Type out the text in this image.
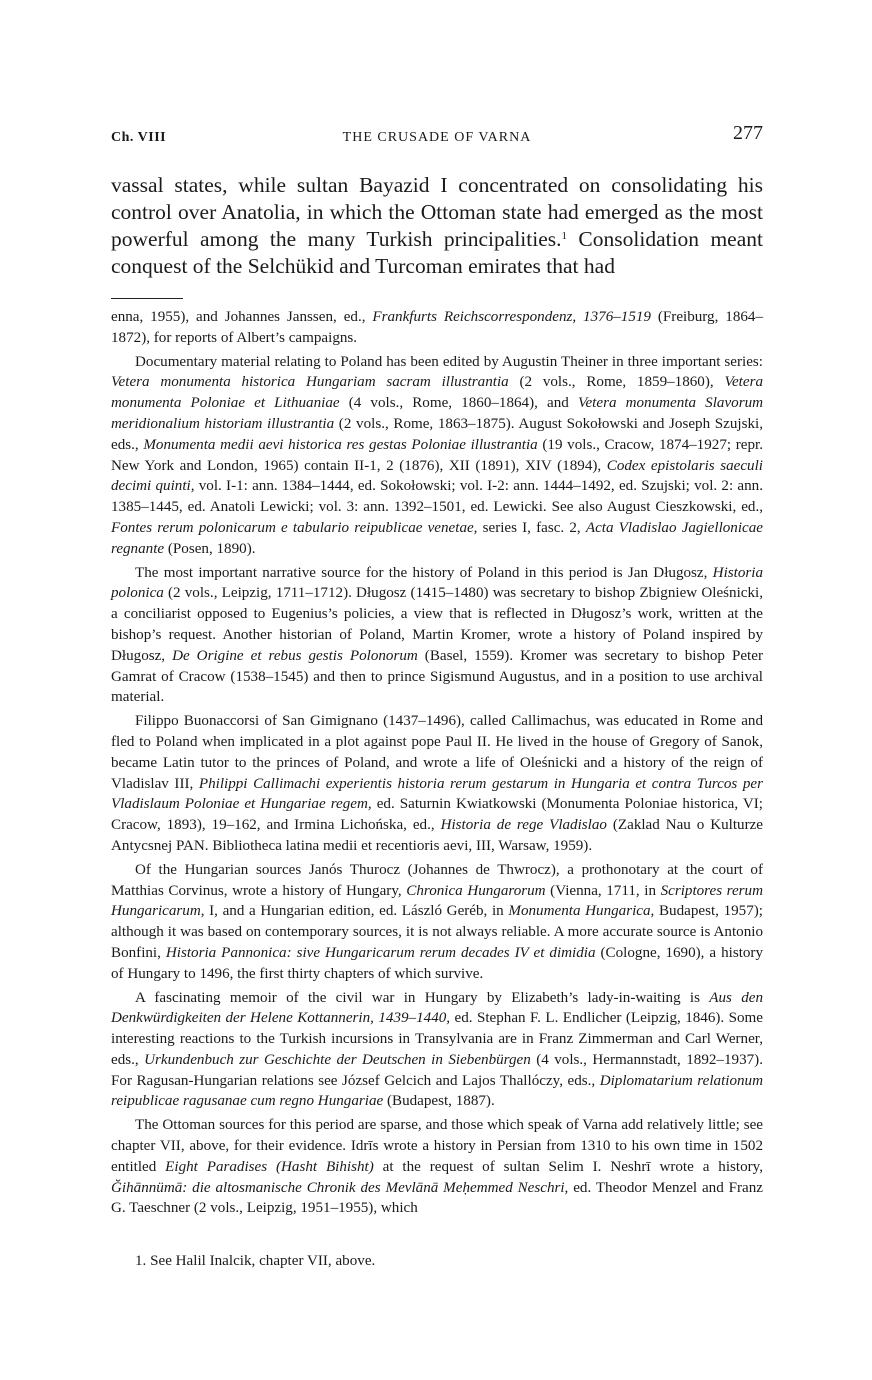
Ch. VIII	THE CRUSADE OF VARNA	277

vassal states, while sultan Bayazid I concentrated on consolidating his control over Anatolia, in which the Ottoman state had emerged as the most powerful among the many Turkish principalities.$^1$ Consolidation meant conquest of the Selchükid and Turcoman emirates that had

enna, 1955), and Johannes Janssen, ed., Frankfurts Reichscorrespondenz, 1376–1519 (Freiburg, 1864–1872), for reports of Albert’s campaigns.

Documentary material relating to Poland has been edited by Augustin Theiner in three important series: Vetera monumenta historica Hungariam sacram illustrantia (2 vols., Rome, 1859–1860), Vetera monumenta Poloniae et Lithuaniae (4 vols., Rome, 1860–1864), and Vetera monumenta Slavorum meridionalium historiam illustrantia (2 vols., Rome, 1863–1875). August Sokołowski and Joseph Szujski, eds., Monumenta medii aevi historica res gestas Poloniae illustrantia (19 vols., Cracow, 1874–1927; repr. New York and London, 1965) contain II-1, 2 (1876), XII (1891), XIV (1894), Codex epistolaris saeculi decimi quinti, vol. I-1: ann. 1384–1444, ed. Sokołowski; vol. I-2: ann. 1444–1492, ed. Szujski; vol. 2: ann. 1385–1445, ed. Anatoli Lewicki; vol. 3: ann. 1392–1501, ed. Lewicki. See also August Cieszkowski, ed., Fontes rerum polonicarum e tabulario reipublicae venetae, series I, fasc. 2, Acta Vladislao Jagiellonicae regnante (Posen, 1890).

The most important narrative source for the history of Poland in this period is Jan Długosz, Historia polonica (2 vols., Leipzig, 1711–1712). Długosz (1415–1480) was secretary to bishop Zbigniew Oleśnicki, a conciliarist opposed to Eugenius’s policies, a view that is reflected in Długosz’s work, written at the bishop’s request. Another historian of Poland, Martin Kromer, wrote a history of Poland inspired by Długosz, De Origine et rebus gestis Polonorum (Basel, 1559). Kromer was secretary to bishop Peter Gamrat of Cracow (1538–1545) and then to prince Sigismund Augustus, and in a position to use archival material.

Filippo Buonaccorsi of San Gimignano (1437–1496), called Callimachus, was educated in Rome and fled to Poland when implicated in a plot against pope Paul II. He lived in the house of Gregory of Sanok, became Latin tutor to the princes of Poland, and wrote a life of Oleśnicki and a history of the reign of Vladislav III, Philippi Callimachi experientis historia rerum gestarum in Hungaria et contra Turcos per Vladislaum Poloniae et Hungariae regem, ed. Saturnin Kwiatkowski (Monumenta Poloniae historica, VI; Cracow, 1893), 19–162, and Irmina Lichońska, ed., Historia de rege Vladislao (Zaklad Nau o Kulturze Antycsnej PAN. Bibliotheca latina medii et recentioris aevi, III, Warsaw, 1959).

Of the Hungarian sources Janós Thurocz (Johannes de Thwrocz), a prothonotary at the court of Matthias Corvinus, wrote a history of Hungary, Chronica Hungarorum (Vienna, 1711, in Scriptores rerum Hungaricarum, I, and a Hungarian edition, ed. László Geréb, in Monumenta Hungarica, Budapest, 1957); although it was based on contemporary sources, it is not always reliable. A more accurate source is Antonio Bonfini, Historia Pannonica: sive Hungaricarum rerum decades IV et dimidia (Cologne, 1690), a history of Hungary to 1496, the first thirty chapters of which survive.

A fascinating memoir of the civil war in Hungary by Elizabeth’s lady-in-waiting is Aus den Denkwürdigkeiten der Helene Kottannerin, 1439–1440, ed. Stephan F. L. Endlicher (Leipzig, 1846). Some interesting reactions to the Turkish incursions in Transylvania are in Franz Zimmerman and Carl Werner, eds., Urkundenbuch zur Geschichte der Deutschen in Siebenbürgen (4 vols., Hermannstadt, 1892–1937). For Ragusan-Hungarian relations see József Gelcich and Lajos Thallóczy, eds., Diplomatarium relationum reipublicae ragusanae cum regno Hungariae (Budapest, 1887).

The Ottoman sources for this period are sparse, and those which speak of Varna add relatively little; see chapter VII, above, for their evidence. Idrīs wrote a history in Persian from 1310 to his own time in 1502 entitled Eight Paradises (Hasht Bihisht) at the request of sultan Selim I. Neshrī wrote a history, Ğihānnümā: die altosmanische Chronik des Mevlānā Meḥemmed Neschri, ed. Theodor Menzel and Franz G. Taeschner (2 vols., Leipzig, 1951–1955), which

1. See Halil Inalcik, chapter VII, above.
